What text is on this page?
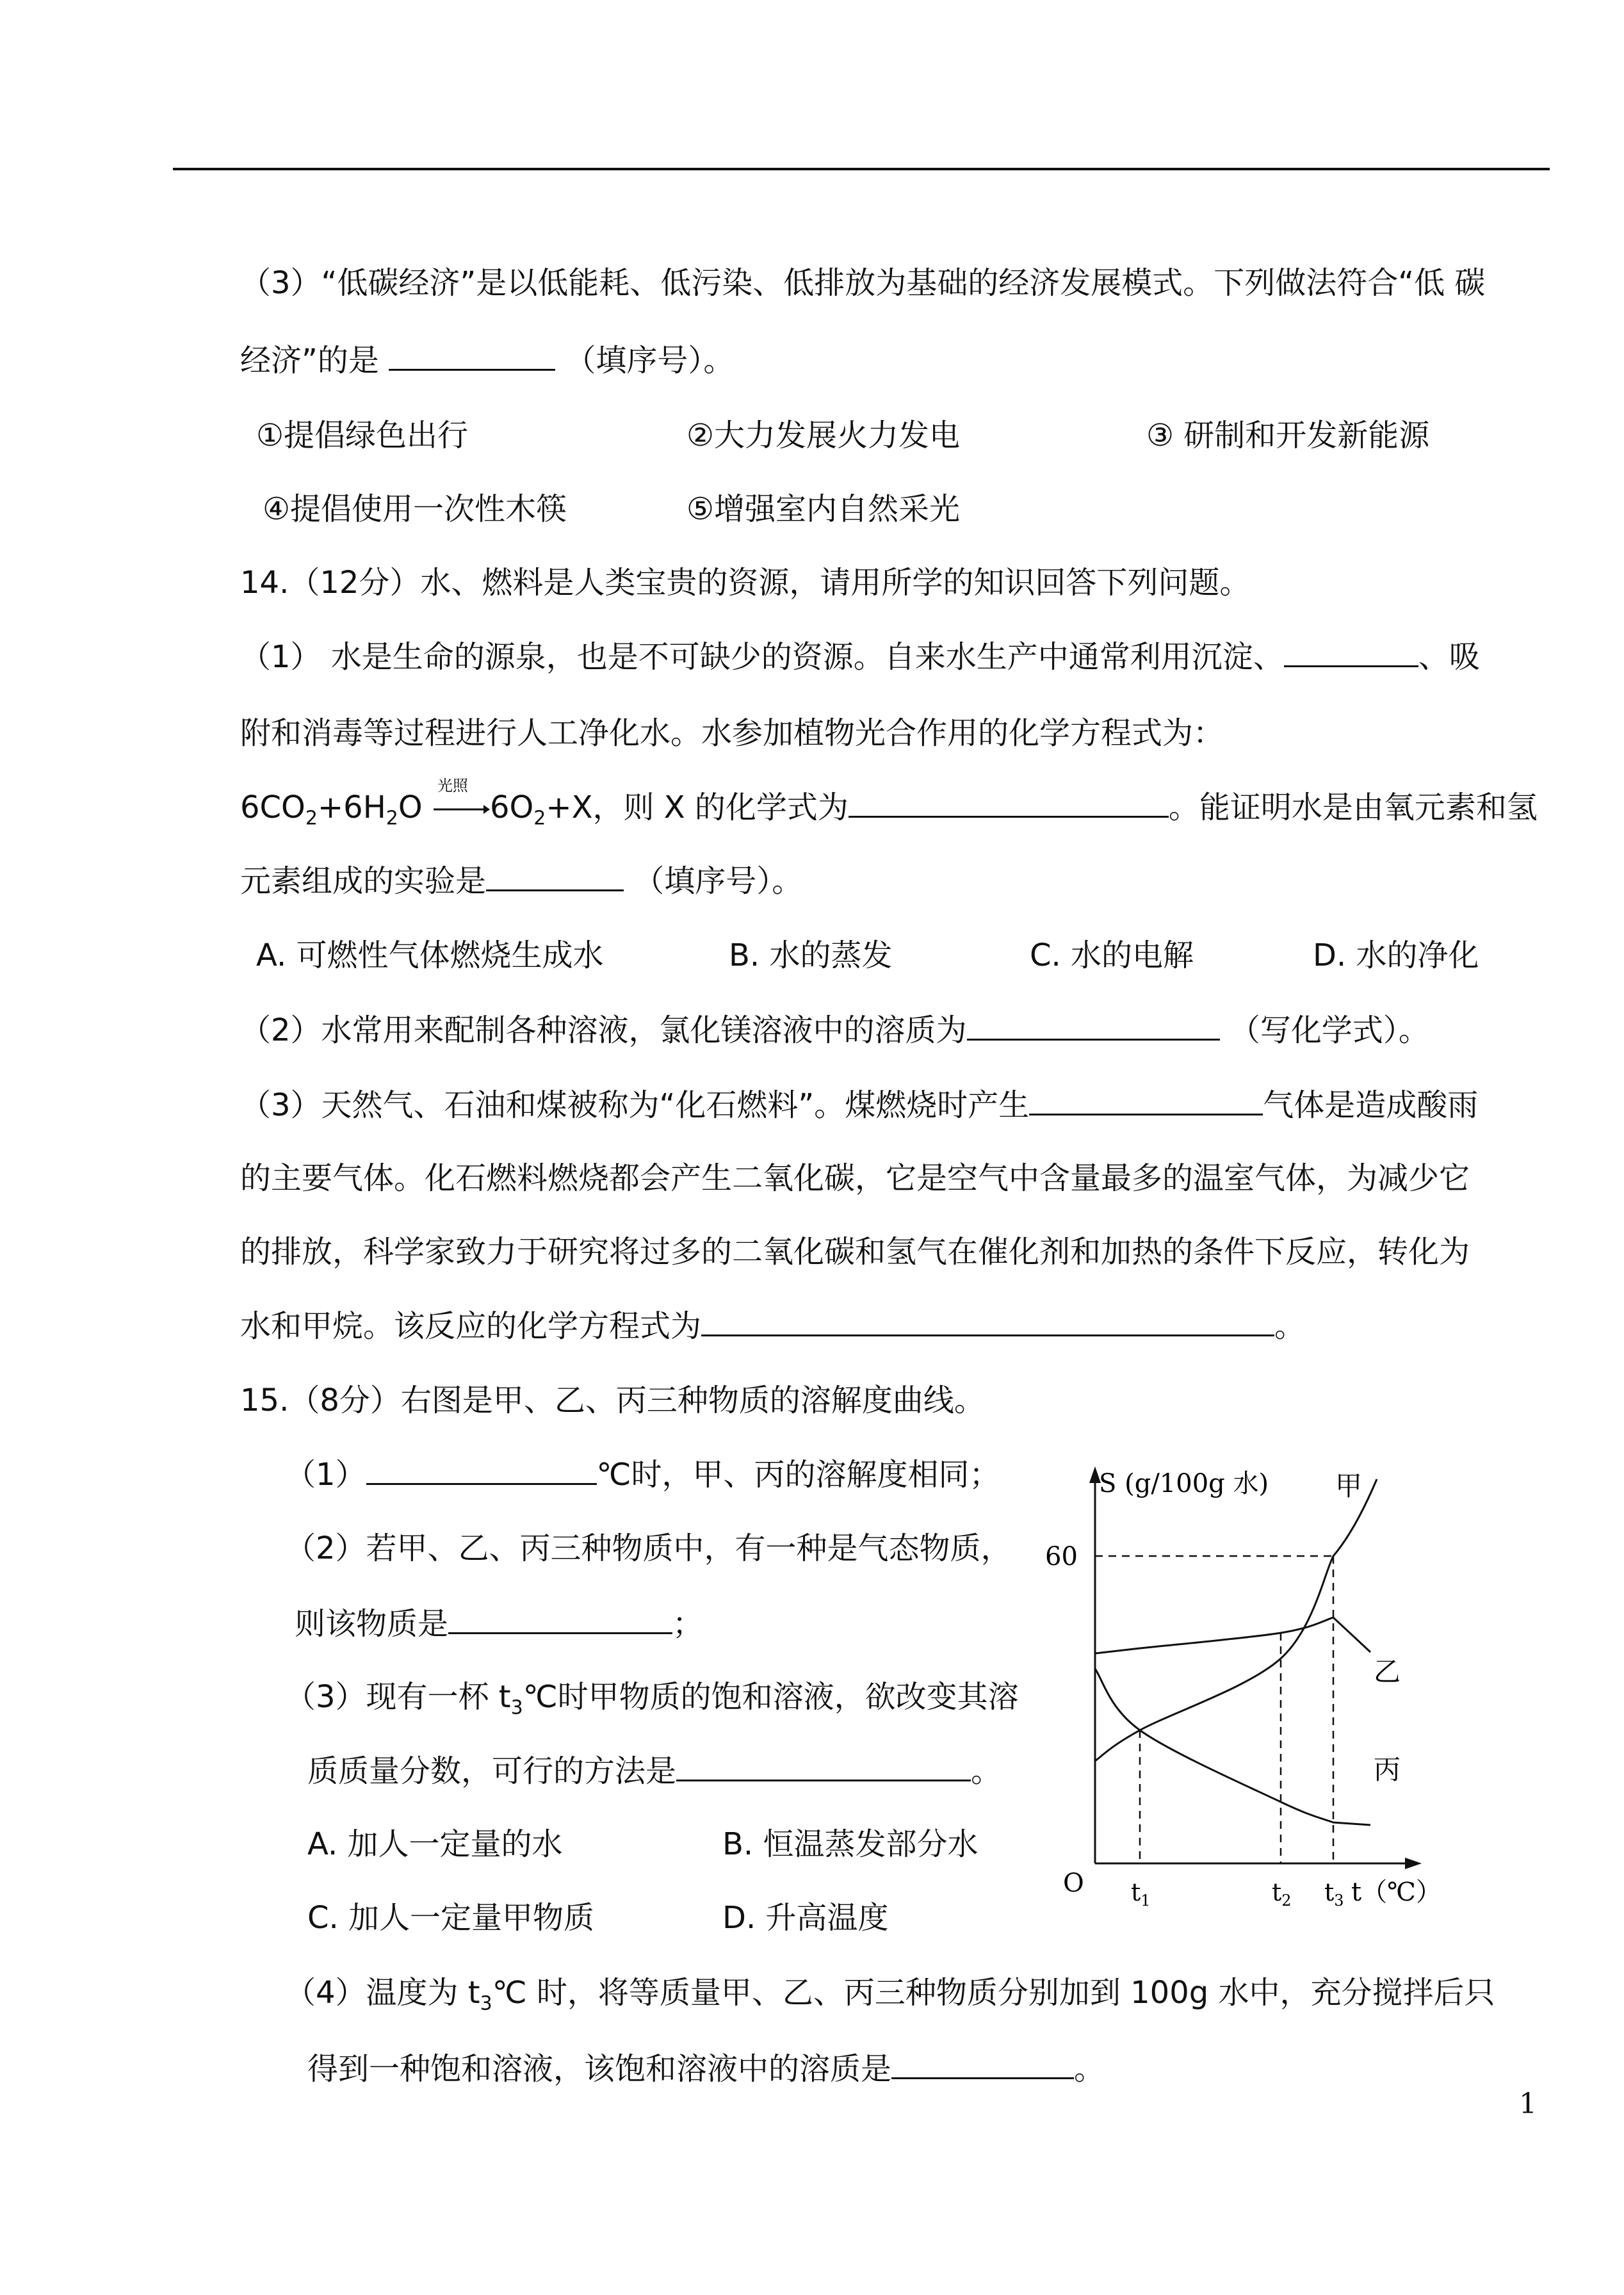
（3）“低碳经济”是以低能耗、低污染、低排放为基础的经济发展模式。下列做法符合“低 碳
经济”的是	（填序号）。
①提倡绿色出行	②大力发展火力发电	③ 研制和开发新能源
④提倡使用一次性木筷	⑤增强室内自然采光
14.（12分）水、燃料是人类宝贵的资源，请用所学的知识回答下列问题。
（1） 水是生命的源泉，也是不可缺少的资源。自来水生产中通常利用沉淀、	、吸
附和消毒等过程进行人工净化水。水参加植物光合作用的化学方程式为：
$6CO_2+6H_2O$
光照
$6O_2+X$，则 X 的化学式为	。能证明水是由氧元素和氢
元素组成的实验是	（填序号）。
A. 可燃性气体燃烧生成水	B. 水的蒸发	C. 水的电解	D. 水的净化
（2）水常用来配制各种溶液，氯化镁溶液中的溶质为	（写化学式）。
（3）天然气、石油和煤被称为“化石燃料”。煤燃烧时产生	气体是造成酸雨
的主要气体。化石燃料燃烧都会产生二氧化碳，它是空气中含量最多的温室气体，为减少它
的排放，科学家致力于研究将过多的二氧化碳和氢气在催化剂和加热的条件下反应，转化为
水和甲烷。该反应的化学方程式为	。
15.（8分）右图是甲、乙、丙三种物质的溶解度曲线。
（1）	℃时，甲、丙的溶解度相同；
（2）若甲、乙、丙三种物质中，有一种是气态物质，
则该物质是	；
（3）现有一杯 $t_3℃$时甲物质的饱和溶液，欲改变其溶
质质量分数，可行的方法是	。
A. 加人一定量的水	B. 恒温蒸发部分水
C. 加人一定量甲物质	D. 升高温度
（4）温度为 $t_3℃$ 时，将等质量甲、乙、丙三种物质分别加到 100g 水中，充分搅拌后只
得到一种饱和溶液，该饱和溶液中的溶质是	。
1
S (g/100g 水)
O	t（℃）
$t_1$	$t_2$ $t_3$
60
甲
乙
丙
